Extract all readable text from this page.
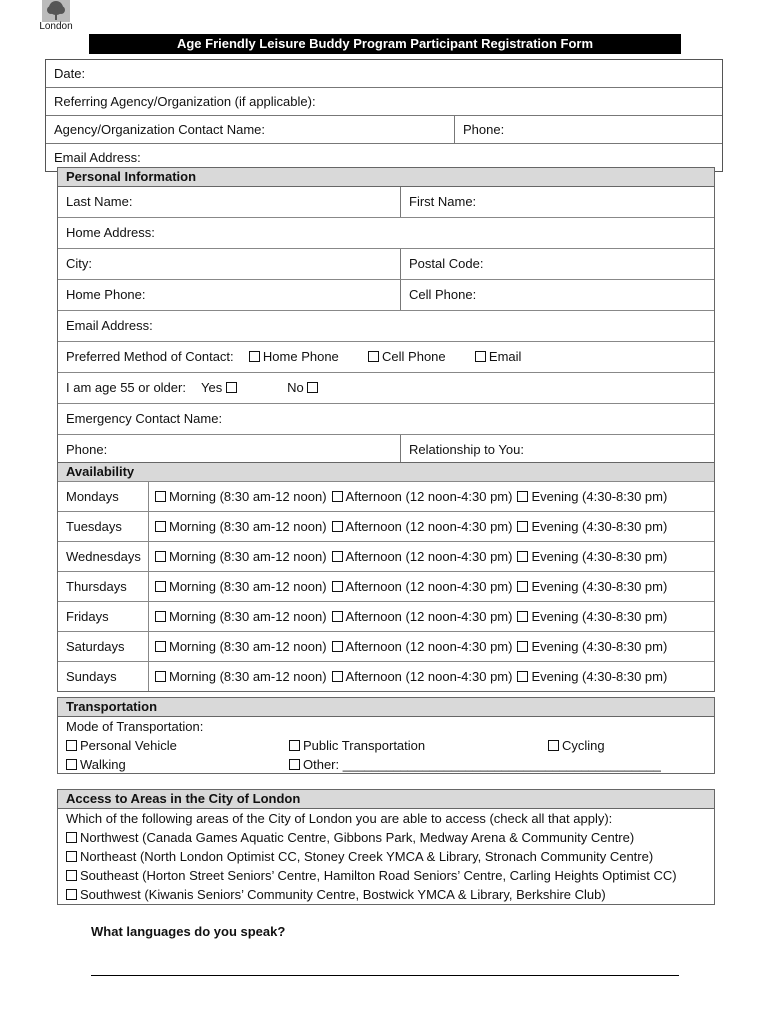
London
Age Friendly Leisure Buddy Program Participant Registration Form
Date:
Referring Agency/Organization (if applicable):
Agency/Organization Contact Name:	Phone:
Email Address:
Personal Information
Last Name:	First Name:
Home Address:
City:	Postal Code:
Home Phone:	Cell Phone:
Email Address:
Preferred Method of Contact: Home Phone	Cell Phone	Email
I am age 55 or older: Yes	No
Emergency Contact Name:
Phone:	Relationship to You:
Availability
Mondays	Morning (8:30 am-12 noon) Afternoon (12 noon-4:30 pm) Evening (4:30-8:30 pm)
Tuesdays	Morning (8:30 am-12 noon) Afternoon (12 noon-4:30 pm) Evening (4:30-8:30 pm)
Wednesdays	Morning (8:30 am-12 noon) Afternoon (12 noon-4:30 pm) Evening (4:30-8:30 pm)
Thursdays	Morning (8:30 am-12 noon) Afternoon (12 noon-4:30 pm) Evening (4:30-8:30 pm)
Fridays	Morning (8:30 am-12 noon) Afternoon (12 noon-4:30 pm) Evening (4:30-8:30 pm)
Saturdays	Morning (8:30 am-12 noon) Afternoon (12 noon-4:30 pm) Evening (4:30-8:30 pm)
Sundays	Morning (8:30 am-12 noon) Afternoon (12 noon-4:30 pm) Evening (4:30-8:30 pm)
Transportation
Mode of Transportation:
Personal Vehicle	Public Transportation	Cycling
Walking	Other: ____________________________________________
Access to Areas in the City of London
Which of the following areas of the City of London you are able to access (check all that apply):
Northwest (Canada Games Aquatic Centre, Gibbons Park, Medway Arena & Community Centre)
Northeast (North London Optimist CC, Stoney Creek YMCA & Library, Stronach Community Centre)
Southeast (Horton Street Seniors’ Centre, Hamilton Road Seniors’ Centre, Carling Heights Optimist CC)
Southwest (Kiwanis Seniors’ Community Centre, Bostwick YMCA & Library, Berkshire Club)
What languages do you speak?
